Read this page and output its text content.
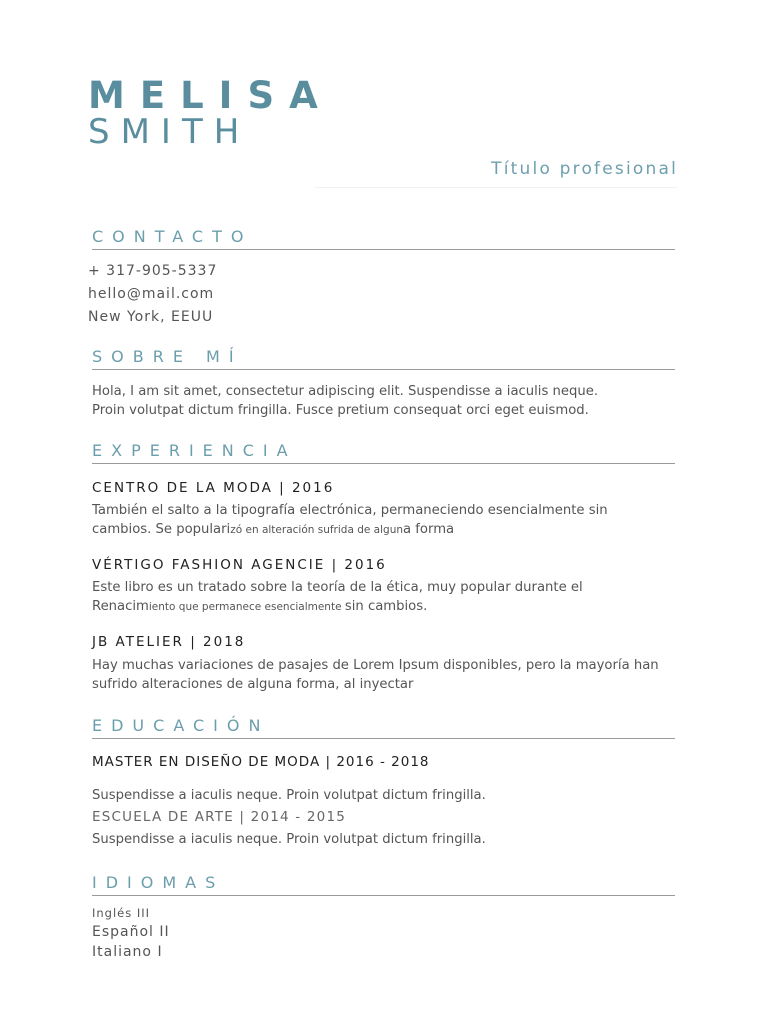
MELISA
SMITH
Título profesional
CONTACTO
+ 317-905-5337
hello@mail.com
New York, EEUU
SOBRE MÍ
Hola, I am sit amet, consectetur adipiscing elit. Suspendisse a iaculis neque.
Proin volutpat dictum fringilla. Fusce pretium consequat orci eget euismod.
EXPERIENCIA
CENTRO DE LA MODA | 2016
También el salto a la tipografía electrónica, permaneciendo esencialmente sin
cambios. Se popularizó en alteración sufrida de alguna forma
VÉRTIGO FASHION AGENCIE | 2016
Este libro es un tratado sobre la teoría de la ética, muy popular durante el
Renacimiento que permanece esencialmente sin cambios.
JB ATELIER | 2018
Hay muchas variaciones de pasajes de Lorem Ipsum disponibles, pero la mayoría han
sufrido alteraciones de alguna forma, al inyectar
EDUCACIÓN
MASTER EN DISEÑO DE MODA | 2016 - 2018
Suspendisse a iaculis neque. Proin volutpat dictum fringilla.
ESCUELA DE ARTE | 2014 - 2015
Suspendisse a iaculis neque. Proin volutpat dictum fringilla.
IDIOMAS
Inglés III
Español II
Italiano I
